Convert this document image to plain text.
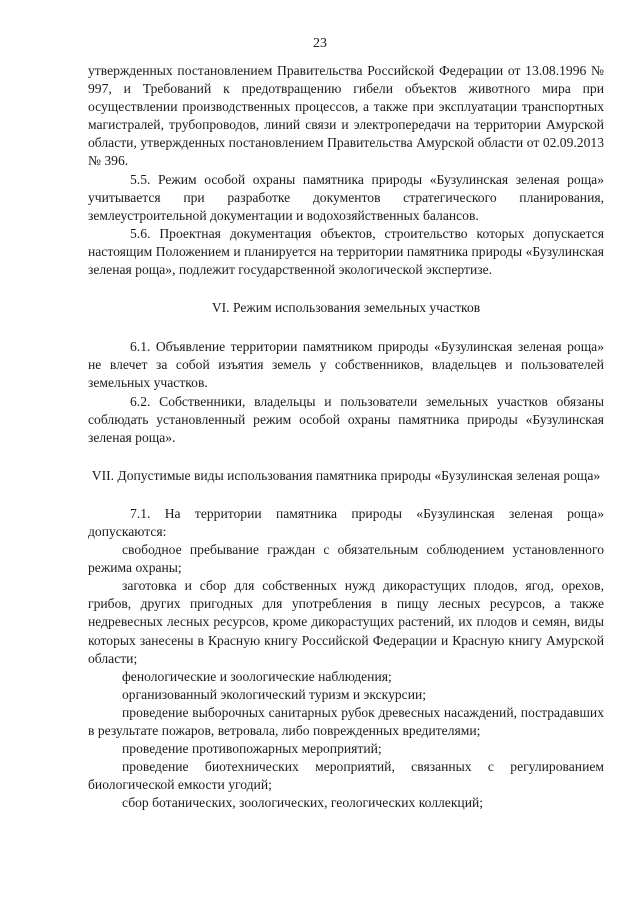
23

утвержденных постановлением Правительства Российской Федерации от 13.08.1996 № 997, и Требований к предотвращению гибели объектов животного мира при осуществлении производственных процессов, а также при эксплуатации транспортных магистралей, трубопроводов, линий связи и электропередачи на территории Амурской области, утвержденных постановлением Правительства Амурской области от 02.09.2013 № 396.

5.5. Режим особой охраны памятника природы «Бузулинская зеленая роща» учитывается при разработке документов стратегического планирования, землеустроительной документации и водохозяйственных балансов.

5.6. Проектная документация объектов, строительство которых допускается настоящим Положением и планируется на территории памятника природы «Бузулинская зеленая роща», подлежит государственной экологической экспертизе.

VI. Режим использования земельных участков

6.1. Объявление территории памятником природы «Бузулинская зеленая роща» не влечет за собой изъятия земель у собственников, владельцев и пользователей земельных участков.

6.2. Собственники, владельцы и пользователи земельных участков обязаны соблюдать установленный режим особой охраны памятника природы «Бузулинская зеленая роща».

VII. Допустимые виды использования памятника природы «Бузулинская зеленая роща»

7.1. На территории памятника природы «Бузулинская зеленая роща» допускаются:

свободное пребывание граждан с обязательным соблюдением установленного режима охраны;

заготовка и сбор для собственных нужд дикорастущих плодов, ягод, орехов, грибов, других пригодных для употребления в пищу лесных ресурсов, а также недревесных лесных ресурсов, кроме дикорастущих растений, их плодов и семян, виды которых занесены в Красную книгу Российской Федерации и Красную книгу Амурской области;

фенологические и зоологические наблюдения;

организованный экологический туризм и экскурсии;

проведение выборочных санитарных рубок древесных насаждений, пострадавших в результате пожаров, ветровала, либо поврежденных вредителями;

проведение противопожарных мероприятий;

проведение биотехнических мероприятий, связанных с регулированием биологической емкости угодий;

сбор ботанических, зоологических, геологических коллекций;
